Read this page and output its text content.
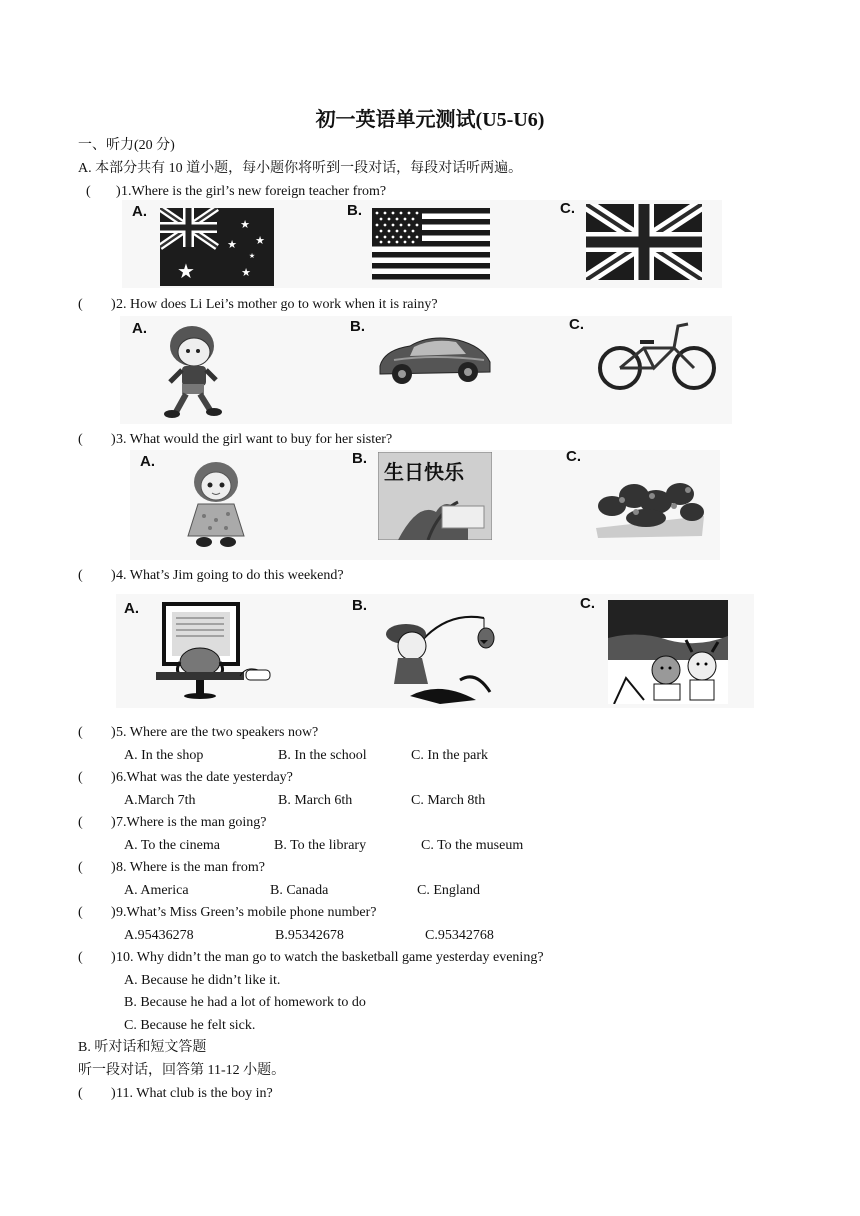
初一英语单元测试(U5-U6)
一、听力(20 分)
A. 本部分共有 10 道小题，每小题你将听到一段对话，每段对话听两遍。
( ) 1.Where is the girl’s new foreign teacher from?
A.	B.	C.
★
★
★ ★
★
★
( ) 2. How does Li Lei’s mother go to work when it is rainy?
A.	B.	C.
( ) 3. What would the girl want to buy for her sister?
A.	B.	C.
生日快乐
( ) 4. What’s Jim going to do this weekend?
A.	B.	C.
( ) 5. Where are the two speakers now?
A. In the shop	B. In the school	C. In the park
( ) 6.What was the date yesterday?
A.March 7th	B. March 6th	C. March 8th
( ) 7.Where is the man going?
A. To the cinema	B. To the library	C. To the museum
( ) 8. Where is the man from?
A. America	B. Canada	C. England
( ) 9.What’s Miss Green’s mobile phone number?
A.95436278	B.95342678	C.95342768
( ) 10. Why didn’t the man go to watch the basketball game yesterday evening?
A. Because he didn’t like it.
B. Because he had a lot of homework to do
C. Because he felt sick.
B. 听对话和短文答题
听一段对话，回答第 11-12 小题。
( ) 11. What club is the boy in?
